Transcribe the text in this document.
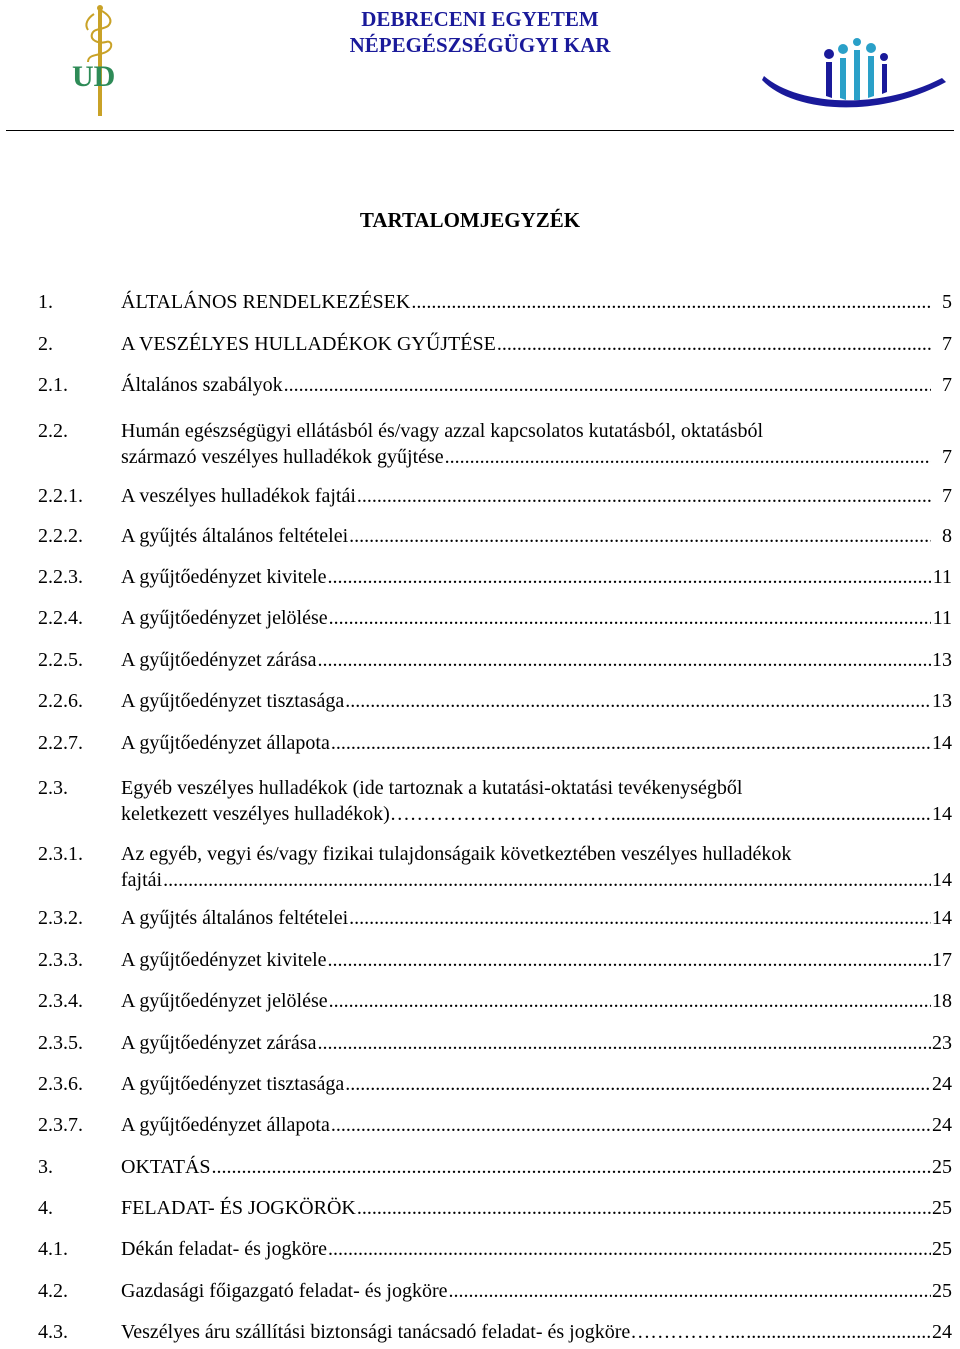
UD
DEBRECENI EGYETEM
NÉPEGÉSZSÉGÜGYI KAR
TARTALOMJEGYZÉK
1.	ÁLTALÁNOS RENDELKEZÉSEK .....	5
2.	A VESZÉLYES HULLADÉKOK GYŰJTÉSE .....	7
2.1.	Általános szabályok .....	7
2.2.	Humán egészségügyi ellátásból és/vagy azzal kapcsolatos kutatásból, oktatásból
származó veszélyes hulladékok gyűjtése .....	7
2.2.1. A veszélyes hulladékok fajtái .....	7
2.2.2. A gyűjtés általános feltételei .....	8
2.2.3. A gyűjtőedényzet kivitele .....	11
2.2.4. A gyűjtőedényzet jelölése .....	11
2.2.5. A gyűjtőedényzet zárása .....	13
2.2.6. A gyűjtőedényzet tisztasága .....	13
2.2.7. A gyűjtőedényzet állapota .....	14
2.3.	Egyéb veszélyes hulladékok (ide tartoznak a kutatási-oktatási tevékenységből
keletkezett veszélyes hulladékok)…………………………… .....	14
2.3.1. Az egyéb, vegyi és/vagy fizikai tulajdonságaik következtében veszélyes hulladékok
fajtái .....	14
2.3.2. A gyűjtés általános feltételei .....	14
2.3.3. A gyűjtőedényzet kivitele .....	17
2.3.4. A gyűjtőedényzet jelölése .....	18
2.3.5. A gyűjtőedényzet zárása .....	23
2.3.6. A gyűjtőedényzet tisztasága .....	24
2.3.7. A gyűjtőedényzet állapota .....	24
3.	OKTATÁS .....	25
4.	FELADAT- ÉS JOGKÖRÖK .....	25
4.1.	Dékán feladat- és jogköre .....	25
4.2.	Gazdasági főigazgató feladat- és jogköre .....	25
4.3.	Veszélyes áru szállítási biztonsági tanácsadó feladat- és jogköre……………... .....	24
